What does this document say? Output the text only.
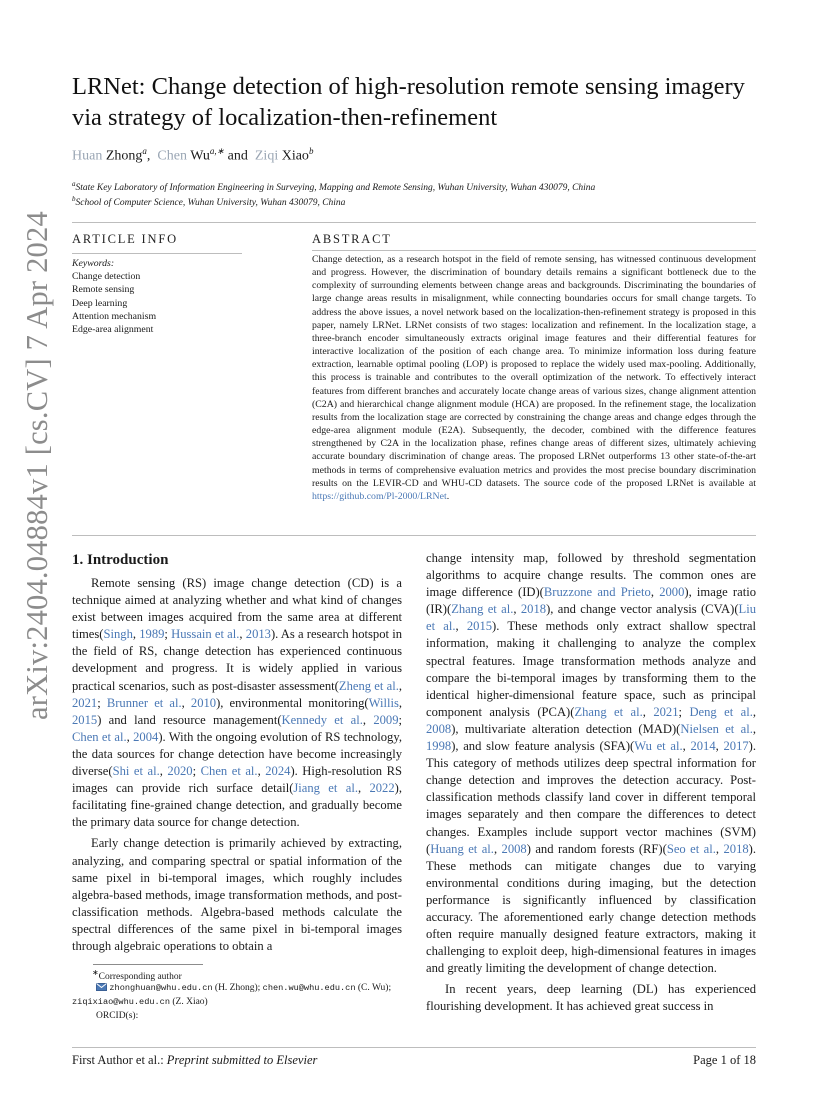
arXiv:2404.04884v1 [cs.CV] 7 Apr 2024
LRNet: Change detection of high-resolution remote sensing imagery via strategy of localization-then-refinement
Huan Zhong$^a$,  Chen $Wu^{a,∗}$ and  Ziqi Xiao$^b$
$^a$State Key Laboratory of Information Engineering in Surveying, Mapping and Remote Sensing, Wuhan University, Wuhan 430079, China
$^b$School of Computer Science, Wuhan University, Wuhan 430079, China
ARTICLE INFO
Keywords:
Change detection
Remote sensing
Deep learning
Attention mechanism
Edge-area alignment
ABSTRACT
Change detection, as a research hotspot in the field of remote sensing, has witnessed continuous development and progress. However, the discrimination of boundary details remains a significant bottleneck due to the complexity of surrounding elements between change areas and backgrounds. Discriminating the boundaries of large change areas results in misalignment, while connecting boundaries occurs for small change targets. To address the above issues, a novel network based on the localization-then-refinement strategy is proposed in this paper, namely LRNet. LRNet consists of two stages: localization and refinement. In the localization stage, a three-branch encoder simultaneously extracts original image features and their differential features for interactive localization of the position of each change area. To minimize information loss during feature extraction, learnable optimal pooling (LOP) is proposed to replace the widely used max-pooling. Additionally, this process is trainable and contributes to the overall optimization of the network. To effectively interact features from different branches and accurately locate change areas of various sizes, change alignment attention (C2A) and hierarchical change alignment module (HCA) are proposed. In the refinement stage, the localization results from the localization stage are corrected by constraining the change areas and change edges through the edge-area alignment module (E2A). Subsequently, the decoder, combined with the difference features strengthened by C2A in the localization phase, refines change areas of different sizes, ultimately achieving accurate boundary discrimination of change areas. The proposed LRNet outperforms 13 other state-of-the-art methods in terms of comprehensive evaluation metrics and provides the most precise boundary discrimination results on the LEVIR-CD and WHU-CD datasets. The source code of the proposed LRNet is available at https://github.com/Pl-2000/LRNet.
1. Introduction

Remote sensing (RS) image change detection (CD) is a technique aimed at analyzing whether and what kind of changes exist between images acquired from the same area at different times(Singh, 1989; Hussain et al., 2013). As a research hotspot in the field of RS, change detection has experienced continuous development and progress. It is widely applied in various practical scenarios, such as post-disaster assessment(Zheng et al., 2021; Brunner et al., 2010), environmental monitoring(Willis, 2015) and land resource management(Kennedy et al., 2009; Chen et al., 2004). With the ongoing evolution of RS technology, the data sources for change detection have become increasingly diverse(Shi et al., 2020; Chen et al., 2024). High-resolution RS images can provide rich surface detail(Jiang et al., 2022), facilitating fine-grained change detection, and gradually become the primary data source for change detection.

Early change detection is primarily achieved by extracting, analyzing, and comparing spectral or spatial information of the same pixel in bi-temporal images, which roughly includes algebra-based methods, image transformation methods, and post-classification methods. Algebra-based methods calculate the spectral differences of the same pixel in bi-temporal images through algebraic operations to obtain a

change intensity map, followed by threshold segmentation algorithms to acquire change results. The common ones are image difference (ID)(Bruzzone and Prieto, 2000), image ratio (IR)(Zhang et al., 2018), and change vector analysis (CVA)(Liu et al., 2015). These methods only extract shallow spectral information, making it challenging to analyze the complex spectral features. Image transformation methods analyze and compare the bi-temporal images by transforming them to the identical higher-dimensional feature space, such as principal component analysis (PCA)(Zhang et al., 2021; Deng et al., 2008), multivariate alteration detection (MAD)(Nielsen et al., 1998), and slow feature analysis (SFA)(Wu et al., 2014, 2017). This category of methods utilizes deep spectral information for change detection and improves the detection accuracy. Post-classification methods classify land cover in different temporal images separately and then compare the differences to detect changes. Examples include support vector machines (SVM)(Huang et al., 2008) and random forests (RF)(Seo et al., 2018). These methods can mitigate changes due to varying environmental conditions during imaging, but the detection performance is significantly influenced by classification accuracy. The aforementioned early change detection methods often require manually designed feature extractors, making it challenging to exploit deep, high-dimensional features in images and greatly limiting the development of change detection.

In recent years, deep learning (DL) has experienced flourishing development. It has achieved great success in

∗Corresponding author
zhonghuan@whu.edu.cn (H. Zhong); chen.wu@whu.edu.cn (C. Wu);
ziqixiao@whu.edu.cn (Z. Xiao)
ORCID(s):
First Author et al.: Preprint submitted to Elsevier	Page 1 of 18
